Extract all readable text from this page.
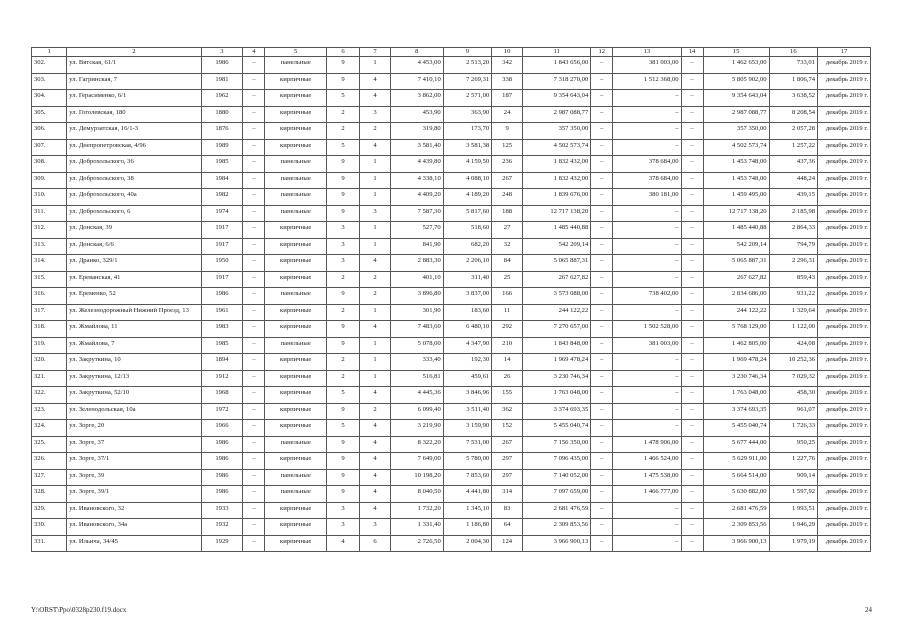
1	2	3	4	5	6	7	8	9	10	11	12	13	14	15	16	17
302.	ул. Вятская, 61/1	1986	–	панельные	9	1	4 453,00	2 513,20	342	1 843 656,00	–	381 003,00	–	1 462 653,00	733,01	декабрь 2019 г.
303.	ул. Гагринская, 7	1981	–	кирпичные	9	4	7 410,10	7 269,31	338	7 318 270,00	–	1 512 368,00	–	5 805 902,00	1 806,74	декабрь 2019 г.
304.	ул. Герасименко, 6/1	1962	–	кирпичные	5	4	3 862,00	2 571,00	187	9 354 643,04	–	–	–	9 354 643,04	3 638,52	декабрь 2019 г.
305.	ул. Гоголевская, 180	1880	–	кирпичные	2	3	453,90	363,90	24	2 987 088,77	–	–	–	2 987 088,77	8 208,54	декабрь 2019 г.
306.	ул. Демурзатская, 16/1-3	1876	–	кирпичные	2	2	319,80	173,70	9	357 350,00	–	–	–	357 350,00	2 057,28	декабрь 2019 г.
307.	ул. Днепропетровская, 4/96	1989	–	кирпичные	5	4	3 581,40	3 581,38	125	4 502 573,74	–	–	–	4 502 573,74	1 257,22	декабрь 2019 г.
308.	ул. Доброхольского, 36	1985	–	панельные	9	1	4 439,80	4 159,50	236	1 832 432,00	–	378 684,00	–	1 453 748,00	437,36	декабрь 2019 г.
309.	ул. Доброхольского, 38	1984	–	панельные	9	1	4 338,10	4 088,10	267	1 832 432,00	–	378 684,00	–	1 453 748,00	448,24	декабрь 2019 г.
310.	ул. Доброхольского, 40а	1982	–	панельные	9	1	4 409,20	4 189,20	248	1 839 676,00	–	380 181,00	–	1 459 495,00	439,15	декабрь 2019 г.
311.	ул. Доброхольского, 6	1974	–	панельные	9	3	7 587,30	5 817,60	188	12 717 138,20	–	–	–	12 717 138,20	2 185,98	декабрь 2019 г.
312.	ул. Донская, 39	1917	–	кирпичные	3	1	527,70	518,60	27	1 485 440,88	–	–	–	1 485 440,88	2 864,33	декабрь 2019 г.
313.	ул. Донская, 6/6	1917	–	кирпичные	3	1	841,90	682,20	32	542 209,14	–	–	–	542 209,14	794,79	декабрь 2019 г.
314.	ул. Дранко, 329/1	1950	–	кирпичные	3	4	2 883,30	2 206,10	84	5 065 887,31	–	–	–	5 065 887,31	2 296,31	декабрь 2019 г.
315.	ул. Ереванская, 41	1917	–	кирпичные	2	2	401,10	311,40	25	267 627,82	–	–	–	267 627,82	859,43	декабрь 2019 г.
316.	ул. Еременко, 52	1986	–	панельные	9	2	3 896,80	3 837,00	166	3 573 088,00	–	738 402,00	–	2 834 686,00	931,22	декабрь 2019 г.
317.	ул. Железнодорожный Нижний Проезд, 13	1961	–	кирпичные	2	1	301,90	183,60	11	244 122,22	–	–	–	244 122,22	1 329,64	декабрь 2019 г.
318.	ул. Жмайлова, 11	1983	–	кирпичные	9	4	7 483,60	6 480,10	292	7 270 657,00	–	1 502 528,00	–	5 768 129,00	1 122,00	декабрь 2019 г.
319.	ул. Жмайлова, 7	1985	–	панельные	9	1	5 078,00	4 347,90	210	1 843 848,00	–	381 003,00	–	1 462 805,00	424,08	декабрь 2019 г.
320.	ул. Закруткина, 10	1894	–	кирпичные	2	1	333,40	192,30	14	1 969 478,24	–	–	–	1 969 478,24	10 252,36	декабрь 2019 г.
321.	ул. Закруткина, 12/13	1912	–	кирпичные	2	1	516,81	459,61	26	3 230 746,34	–	–	–	3 230 746,34	7 029,32	декабрь 2019 г.
322.	ул. Закруткина, 52/10	1968	–	кирпичные	5	4	4 445,36	3 846,96	155	1 763 048,00	–	–	–	1 763 048,00	458,30	декабрь 2019 г.
323.	ул. Зеленодольская, 10а	1972	–	кирпичные	9	2	6 099,40	3 511,40	362	3 374 693,35	–	–	–	3 374 693,35	961,07	декабрь 2019 г.
324.	ул. Зорге, 20	1966	–	кирпичные	5	4	3 219,90	3 159,90	152	5 455 040,74	–	–	–	5 455 040,74	1 726,33	декабрь 2019 г.
325.	ул. Зорге, 37	1986	–	панельные	9	4	8 322,20	7 531,00	267	7 156 350,00	–	1 478 906,00	–	5 677 444,00	950,25	декабрь 2019 г.
326.	ул. Зорге, 37/1	1986	–	кирпичные	9	4	7 649,00	5 780,00	297	7 096 435,00	–	1 466 524,00	–	5 629 911,00	1 227,76	декабрь 2019 г.
327.	ул. Зорге, 39	1986	–	панельные	9	4	10 198,20	7 853,60	297	7 140 052,00	–	1 475 538,00	–	5 664 514,00	909,14	декабрь 2019 г.
328.	ул. Зорге, 39/1	1986	–	панельные	9	4	8 040,50	4 441,80	314	7 097 659,00	–	1 466 777,00	–	5 630 882,00	1 597,92	декабрь 2019 г.
329.	ул. Ивановского, 32	1933	–	кирпичные	3	4	1 732,20	1 345,10	83	2 681 476,59	–	–	–	2 681 476,59	1 993,51	декабрь 2019 г.
330.	ул. Ивановского, 34а	1932	–	кирпичные	3	3	1 331,40	1 186,80	64	2 309 853,56	–	–	–	2 309 853,56	1 946,29	декабрь 2019 г.
331.	ул. Ильича, 34/45	1929	–	кирпичные	4	6	2 726,50	2 004,30	124	3 966 900,13	–	–	–	3 966 900,13	1 979,19	декабрь 2019 г.
Y:\ORST\Ppo\0328p230.f19.docx	24
